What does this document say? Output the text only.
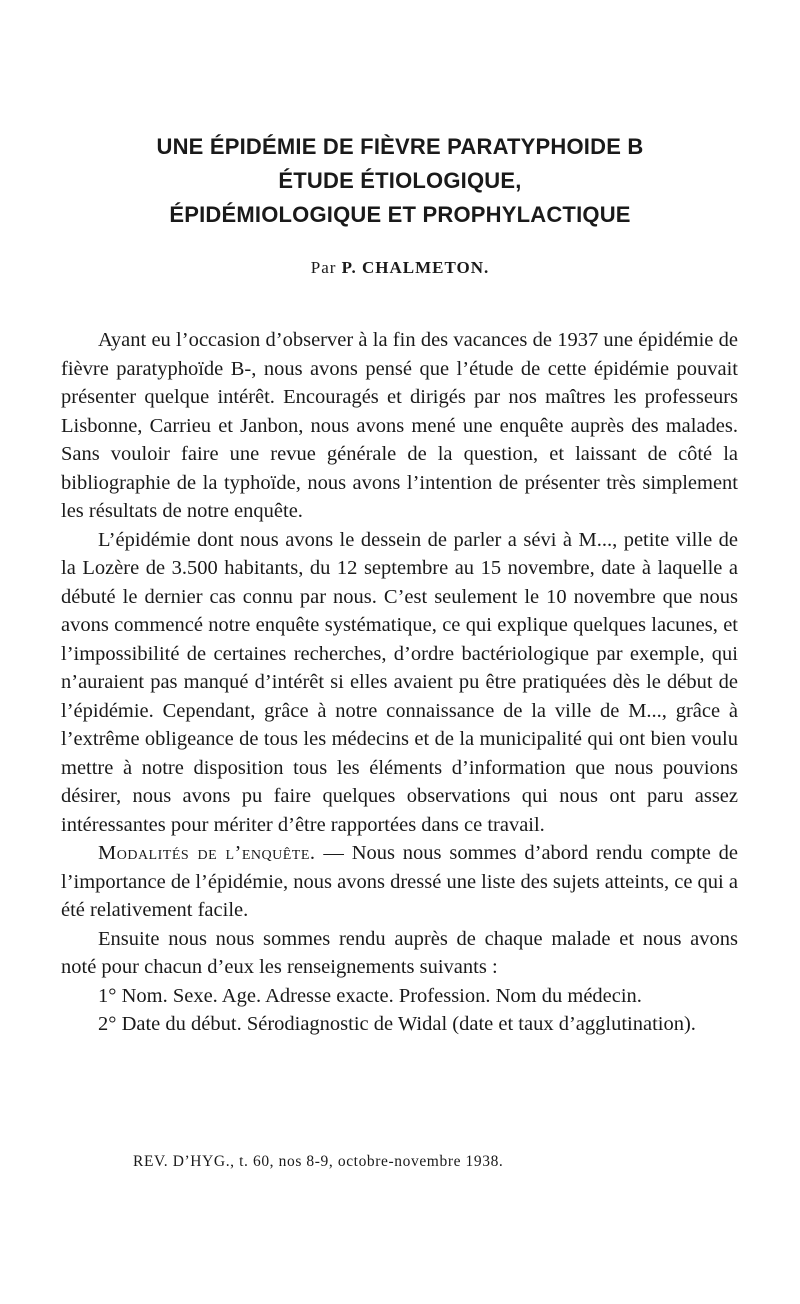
UNE ÉPIDÉMIE DE FIÈVRE PARATYPHOIDE B

ÉTUDE ÉTIOLOGIQUE,

ÉPIDÉMIOLOGIQUE ET PROPHYLACTIQUE

Par P. CHALMETON.

Ayant eu l’occasion d’observer à la fin des vacances de 1937 une épidémie de fièvre paratyphoïde B-, nous avons pensé que l’étude de cette épidémie pouvait présenter quelque intérêt. Encouragés et dirigés par nos maîtres les professeurs Lisbonne, Carrieu et Janbon, nous avons mené une enquête auprès des malades. Sans vouloir faire une revue générale de la question, et laissant de côté la bibliographie de la typhoïde, nous avons l’intention de présenter très simplement les résultats de notre enquête.

L’épidémie dont nous avons le dessein de parler a sévi à M..., petite ville de la Lozère de 3.500 habitants, du 12 septembre au 15 novembre, date à laquelle a débuté le dernier cas connu par nous. C’est seulement le 10 novembre que nous avons commencé notre enquête systématique, ce qui explique quelques lacunes, et l’impossibilité de certaines recherches, d’ordre bactériologique par exemple, qui n’auraient pas manqué d’intérêt si elles avaient pu être pratiquées dès le début de l’épidémie. Cependant, grâce à notre connaissance de la ville de M..., grâce à l’extrême obligeance de tous les médecins et de la municipalité qui ont bien voulu mettre à notre disposition tous les éléments d’information que nous pouvions désirer, nous avons pu faire quelques observations qui nous ont paru assez intéressantes pour mériter d’être rapportées dans ce travail.

Modalités de l’enquête. — Nous nous sommes d’abord rendu compte de l’importance de l’épidémie, nous avons dressé une liste des sujets atteints, ce qui a été relativement facile.

Ensuite nous nous sommes rendu auprès de chaque malade et nous avons noté pour chacun d’eux les renseignements suivants :

1° Nom. Sexe. Age. Adresse exacte. Profession. Nom du médecin.

2° Date du début. Sérodiagnostic de Widal (date et taux d’agglutination).

REV. D’HYG., t. 60, nos 8-9, octobre-novembre 1938.
